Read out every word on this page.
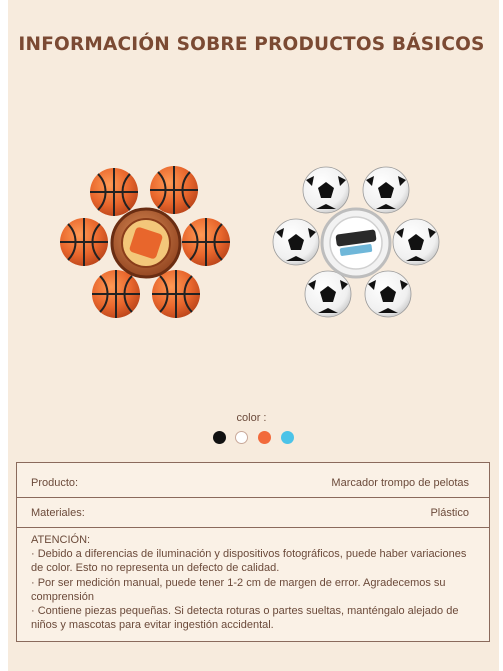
INFORMACIÓN SOBRE PRODUCTOS BÁSICOS
color :
Producto:	Marcador trompo de pelotas
Materiales:	Plástico

ATENCIÓN:

· Debido a diferencias de iluminación y dispositivos fotográficos, puede haber variaciones de color. Esto no representa un defecto de calidad.

· Por ser medición manual, puede tener 1-2 cm de margen de error. Agradecemos su comprensión

· Contiene piezas pequeñas. Si detecta roturas o partes sueltas, manténgalo alejado de niños y mascotas para evitar ingestión accidental.
